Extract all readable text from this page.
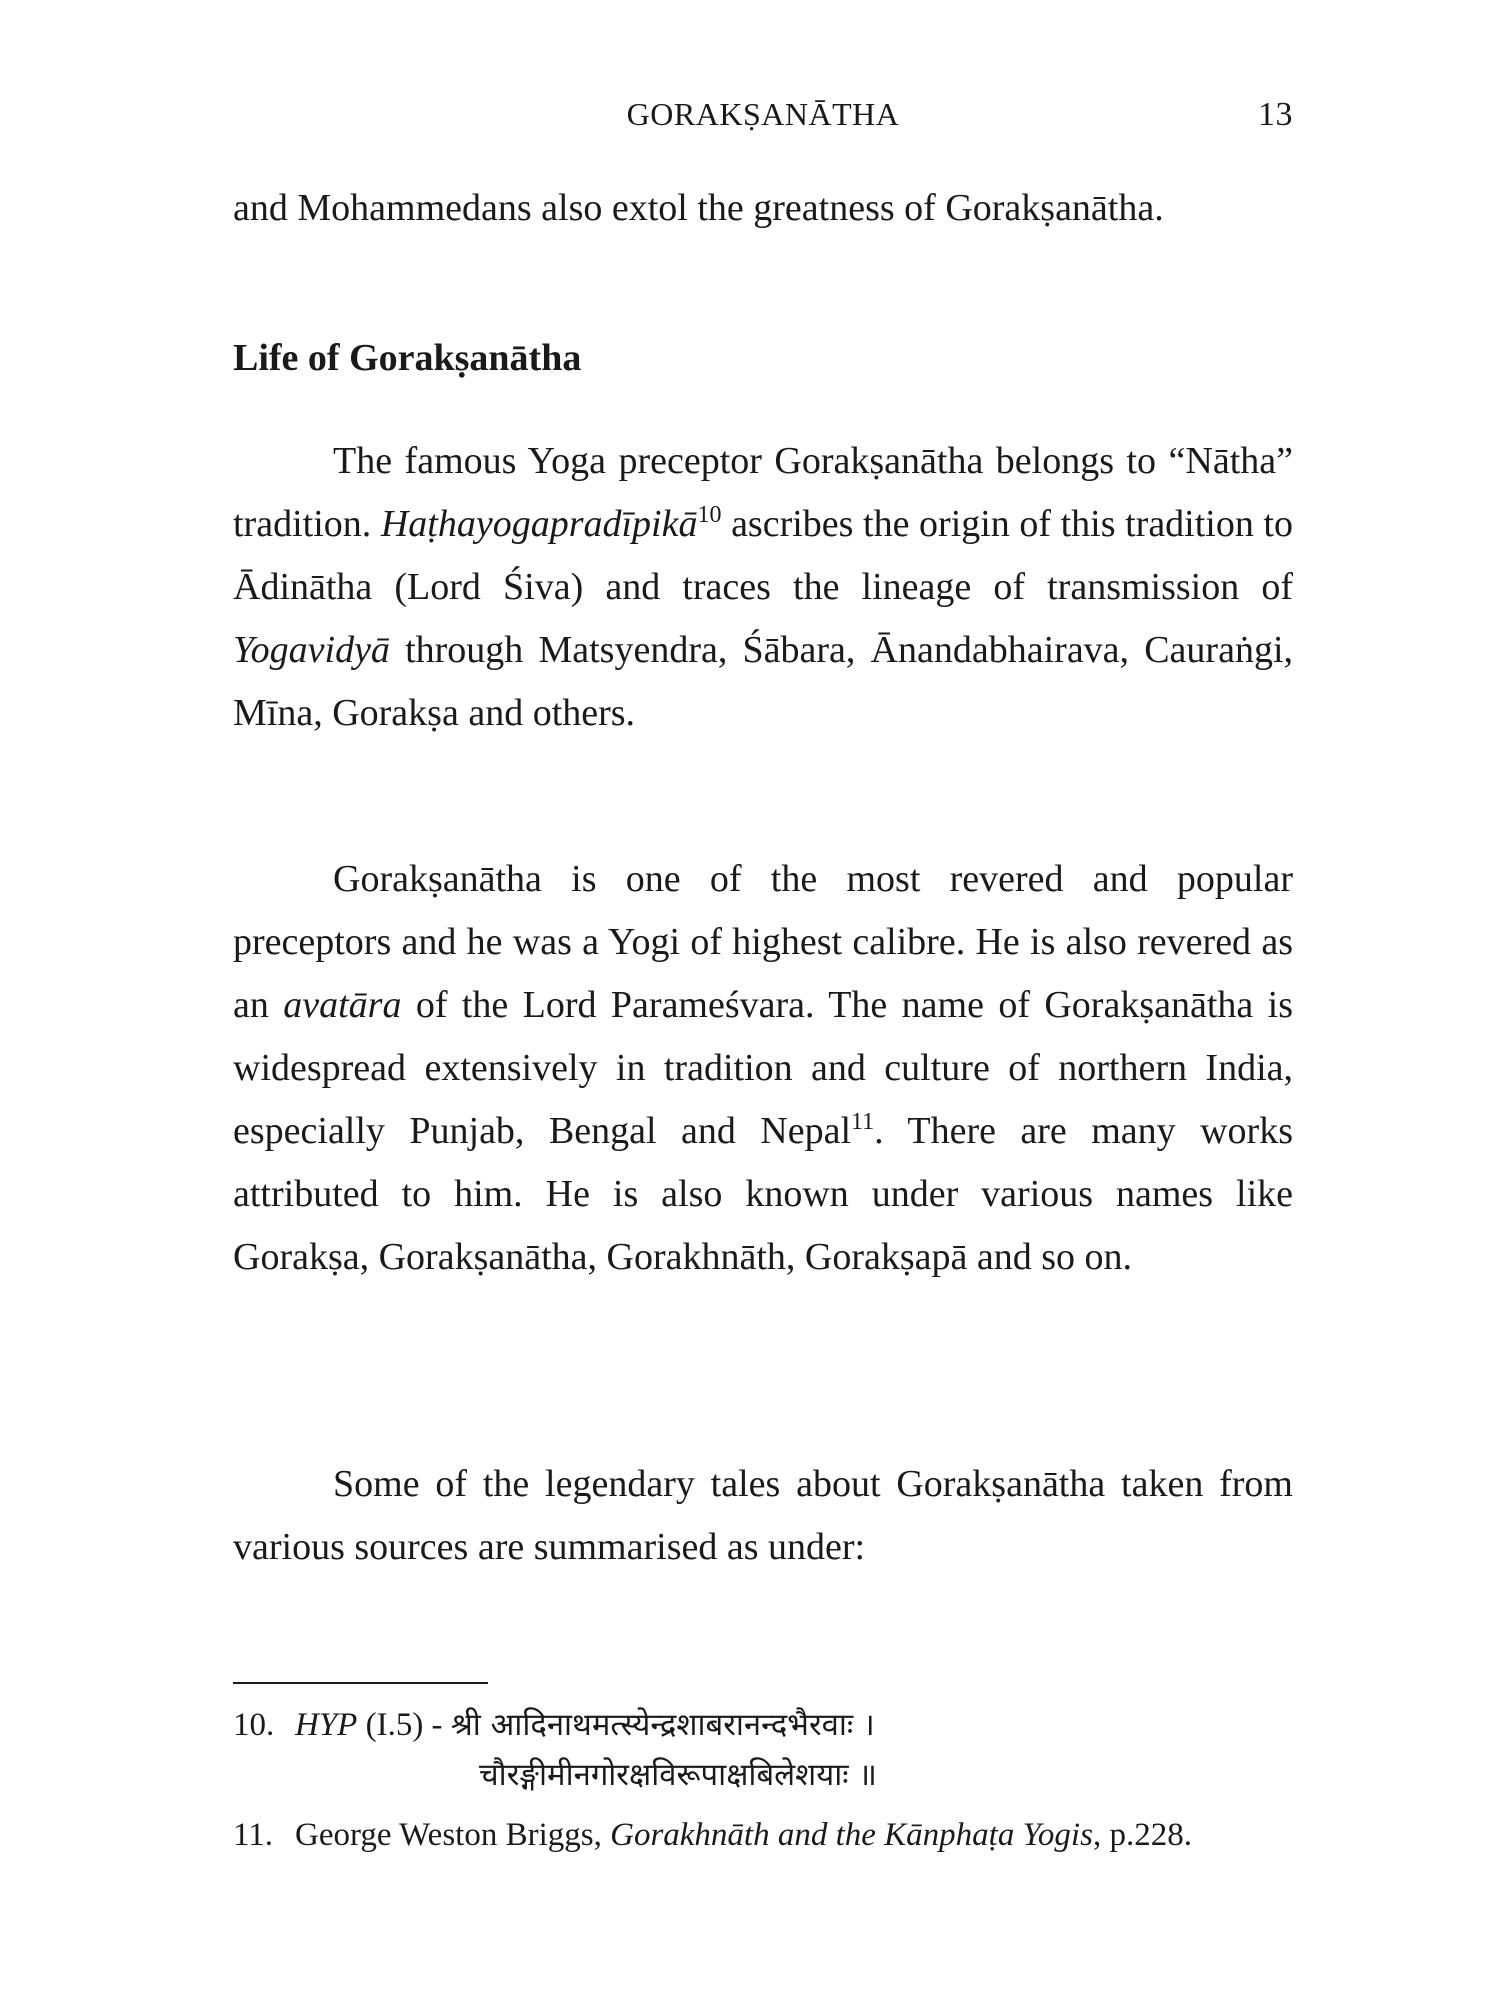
GORAKṢANĀTHA	13

and Mohammedans also extol the greatness of Gorakṣanātha.

Life of Gorakṣanātha

The famous Yoga preceptor Gorakṣanātha belongs to “Nātha” tradition. Haṭhayogapradīpikā$^{10}$ ascribes the origin of this tradition to Ādinātha (Lord Śiva) and traces the lineage of transmission of Yogavidyā through Matsyendra, Śābara, Ānandabhairava, Cauraṅgi, Mīna, Gorakṣa and others.

Gorakṣanātha is one of the most revered and popular preceptors and he was a Yogi of highest calibre. He is also revered as an avatāra of the Lord Parameśvara. The name of Gorakṣanātha is widespread extensively in tradition and culture of northern India, especially Punjab, Bengal and Nepal$^{11}$. There are many works attributed to him. He is also known under various names like Gorakṣa, Gorakṣanātha, Gorakhnāth, Gorakṣapā and so on.

Some of the legendary tales about Gorakṣanātha taken from various sources are summarised as under:

10. HYP (I.5) - श्री आदिनाथमत्स्येन्द्रशाबरानन्दभैरवाः ।
चौरङ्गीमीनगोरक्षविरूपाक्षबिलेशयाः ॥
11. George Weston Briggs, Gorakhnāth and the Kānphaṭa Yogis, p.228.
